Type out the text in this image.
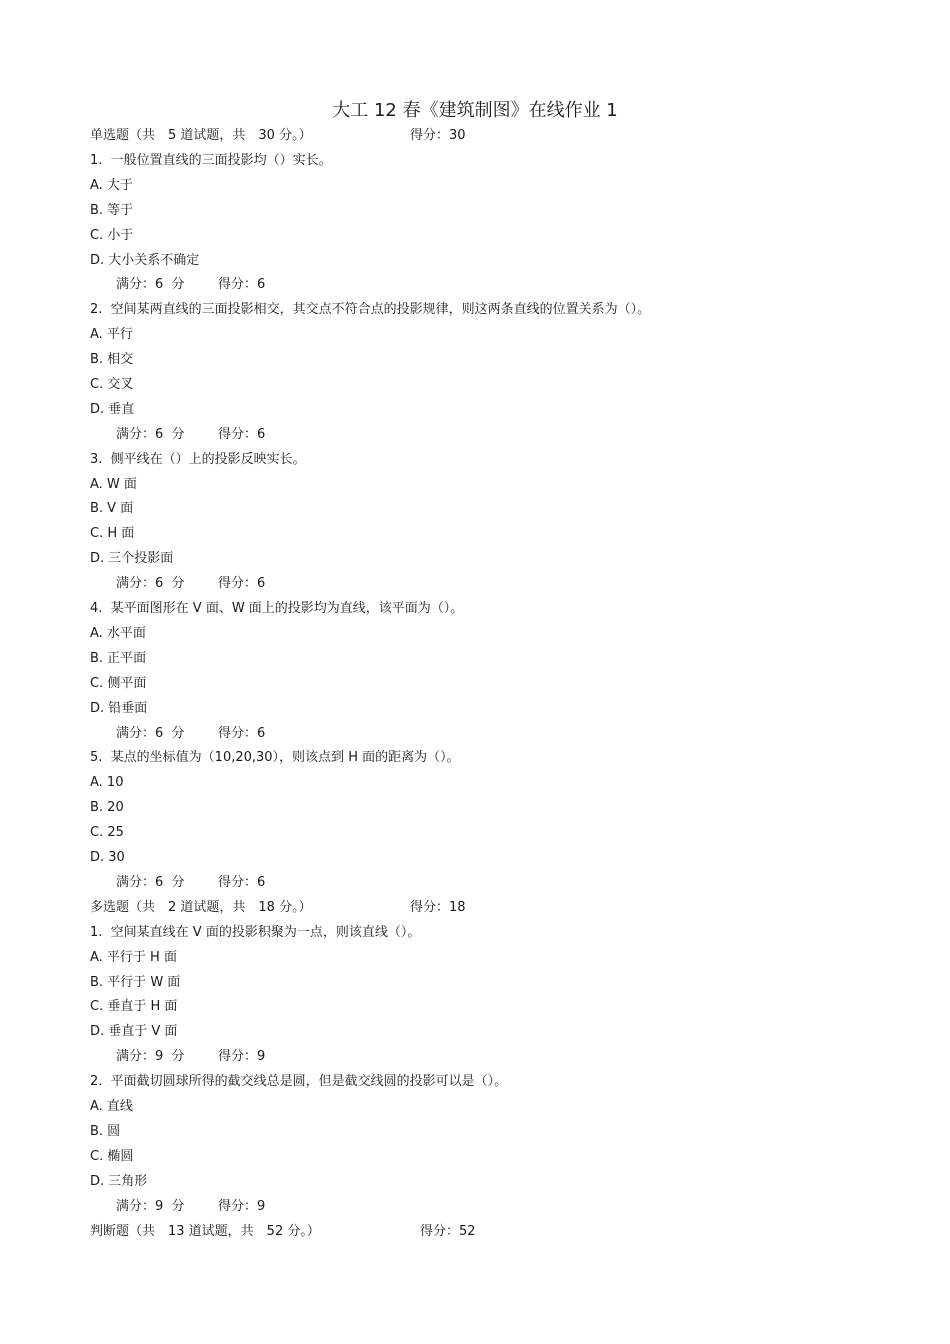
大工 12 春《建筑制图》在线作业 1
单选题（共　5 道试题，共　30 分。）	得分：30
1.  一般位置直线的三面投影均（）实长。
A. 大于
B. 等于
C. 小于
D. 大小关系不确定
满分：6  分	得分：6
2.  空间某两直线的三面投影相交，其交点不符合点的投影规律，则这两条直线的位置关系为（）。
A. 平行
B. 相交
C. 交叉
D. 垂直
满分：6  分	得分：6
3.  侧平线在（）上的投影反映实长。
A. W 面
B. V 面
C. H 面
D. 三个投影面
满分：6  分	得分：6
4.  某平面图形在 V 面、W 面上的投影均为直线，该平面为（）。
A. 水平面
B. 正平面
C. 侧平面
D. 铅垂面
满分：6  分	得分：6
5.  某点的坐标值为（10,20,30），则该点到 H 面的距离为（）。
A. 10
B. 20
C. 25
D. 30
满分：6  分	得分：6
多选题（共　2 道试题，共　18 分。）	得分：18
1.  空间某直线在 V 面的投影积聚为一点，则该直线（）。
A. 平行于 H 面
B. 平行于 W 面
C. 垂直于 H 面
D. 垂直于 V 面
满分：9  分	得分：9
2.  平面截切圆球所得的截交线总是圆，但是截交线圆的投影可以是（）。
A. 直线
B. 圆
C. 椭圆
D. 三角形
满分：9  分	得分：9
判断题（共　13 道试题，共　52 分。）	得分：52
